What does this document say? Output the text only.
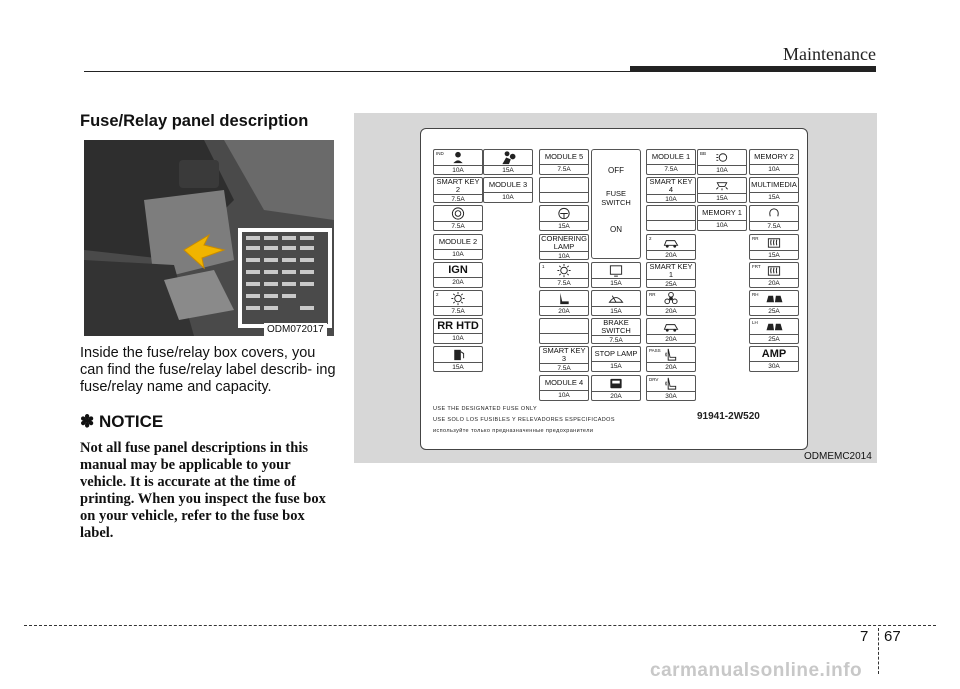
Maintenance
Fuse/Relay panel description
ODM072017
Inside the fuse/relay box covers, you can find the fuse/relay label describ- ing fuse/relay name and capacity.
✽ NOTICE
Not all fuse panel descriptions in this manual may be applicable to your vehicle. It is accurate at the time of printing. When you inspect the fuse box on your vehicle, refer to the fuse box label.
OFF
FUSE SWITCH
ON
USE THE DESIGNATED FUSE ONLY
USE SOLO LOS FUSIBLES Y RELEVADORES ESPECIFICADOS
используйте только предназначенные предохранители
91941-2W520
IND
10A
SMART KEY 2
7.5A
7.5A
MODULE 2
10A
IGN
20A
2
7.5A
RR HTD
10A
15A
15A
MODULE 3
10A
MODULE 5
7.5A
15A
CORNERING LAMP
10A
1
7.5A
20A
SMART KEY 3
7.5A
MODULE 4
10A
15A
15A
BRAKE SWITCH
7.5A
STOP LAMP
15A
20A
MODULE 1
7.5A
SMART KEY 4
10A
2
20A
SMART KEY 1
25A
RR
20A
20A
PASS
20A
DRV
30A
BB
10A
15A
MEMORY 1
10A
MEMORY 2
10A
MULTIMEDIA
15A
7.5A
RR
15A
FRT
20A
RH
25A
LH
25A
AMP
30A
ODMEMC2014
7 67
carmanualsonline.info
